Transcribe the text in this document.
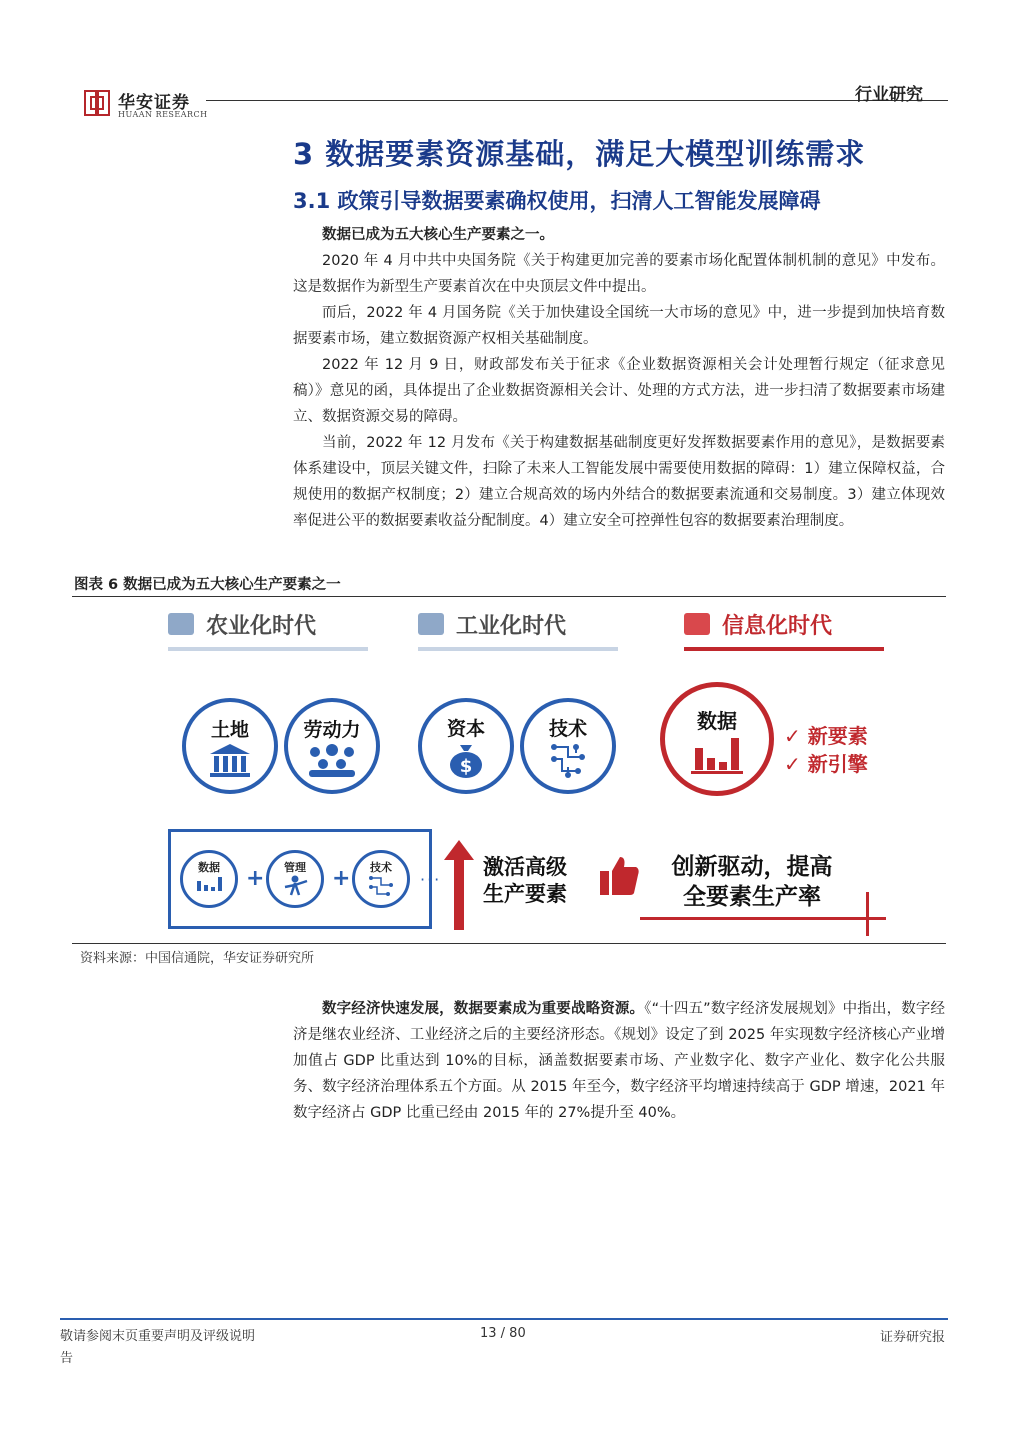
华安证券
HUAAN RESEARCH
行业研究
3 数据要素资源基础，满足大模型训练需求
3.1 政策引导数据要素确权使用，扫清人工智能发展障碍

数据已成为五大核心生产要素之一。

2020 年 4 月中共中央国务院《关于构建更加完善的要素市场化配置体制机制的意见》中发布。这是数据作为新型生产要素首次在中央顶层文件中提出。

而后，2022 年 4 月国务院《关于加快建设全国统一大市场的意见》中，进一步提到加快培育数据要素市场，建立数据资源产权相关基础制度。

2022 年 12 月 9 日，财政部发布关于征求《企业数据资源相关会计处理暂行规定（征求意见稿）》意见的函，具体提出了企业数据资源相关会计、处理的方式方法，进一步扫清了数据要素市场建立、数据资源交易的障碍。

当前，2022 年 12 月发布《关于构建数据基础制度更好发挥数据要素作用的意见》，是数据要素体系建设中，顶层关键文件，扫除了未来人工智能发展中需要使用数据的障碍：1）建立保障权益，合规使用的数据产权制度；2）建立合规高效的场内外结合的数据要素流通和交易制度。3）建立体现效率促进公平的数据要素收益分配制度。4）建立安全可控弹性包容的数据要素治理制度。

图表 6 数据已成为五大核心生产要素之一
农业化时代	工业化时代	信息化时代
土地	劳动力	资本
$
技术	数据
✓ 新要素
✓ 新引擎
数据 + 管理 + 技术
···
激活高级
生产要素
创新驱动，提高
全要素生产率
资料来源：中国信通院，华安证券研究所

数字经济快速发展，数据要素成为重要战略资源。《“十四五”数字经济发展规划》中指出，数字经济是继农业经济、工业经济之后的主要经济形态。《规划》设定了到 2025 年实现数字经济核心产业增加值占 GDP 比重达到 10%的目标，涵盖数据要素市场、产业数字化、数字产业化、数字化公共服务、数字经济治理体系五个方面。从 2015 年至今，数字经济平均增速持续高于 GDP 增速，2021 年数字经济占 GDP 比重已经由 2015 年的 27%提升至 40%。

敬请参阅末页重要声明及评级说明
告
13 / 80	证券研究报
